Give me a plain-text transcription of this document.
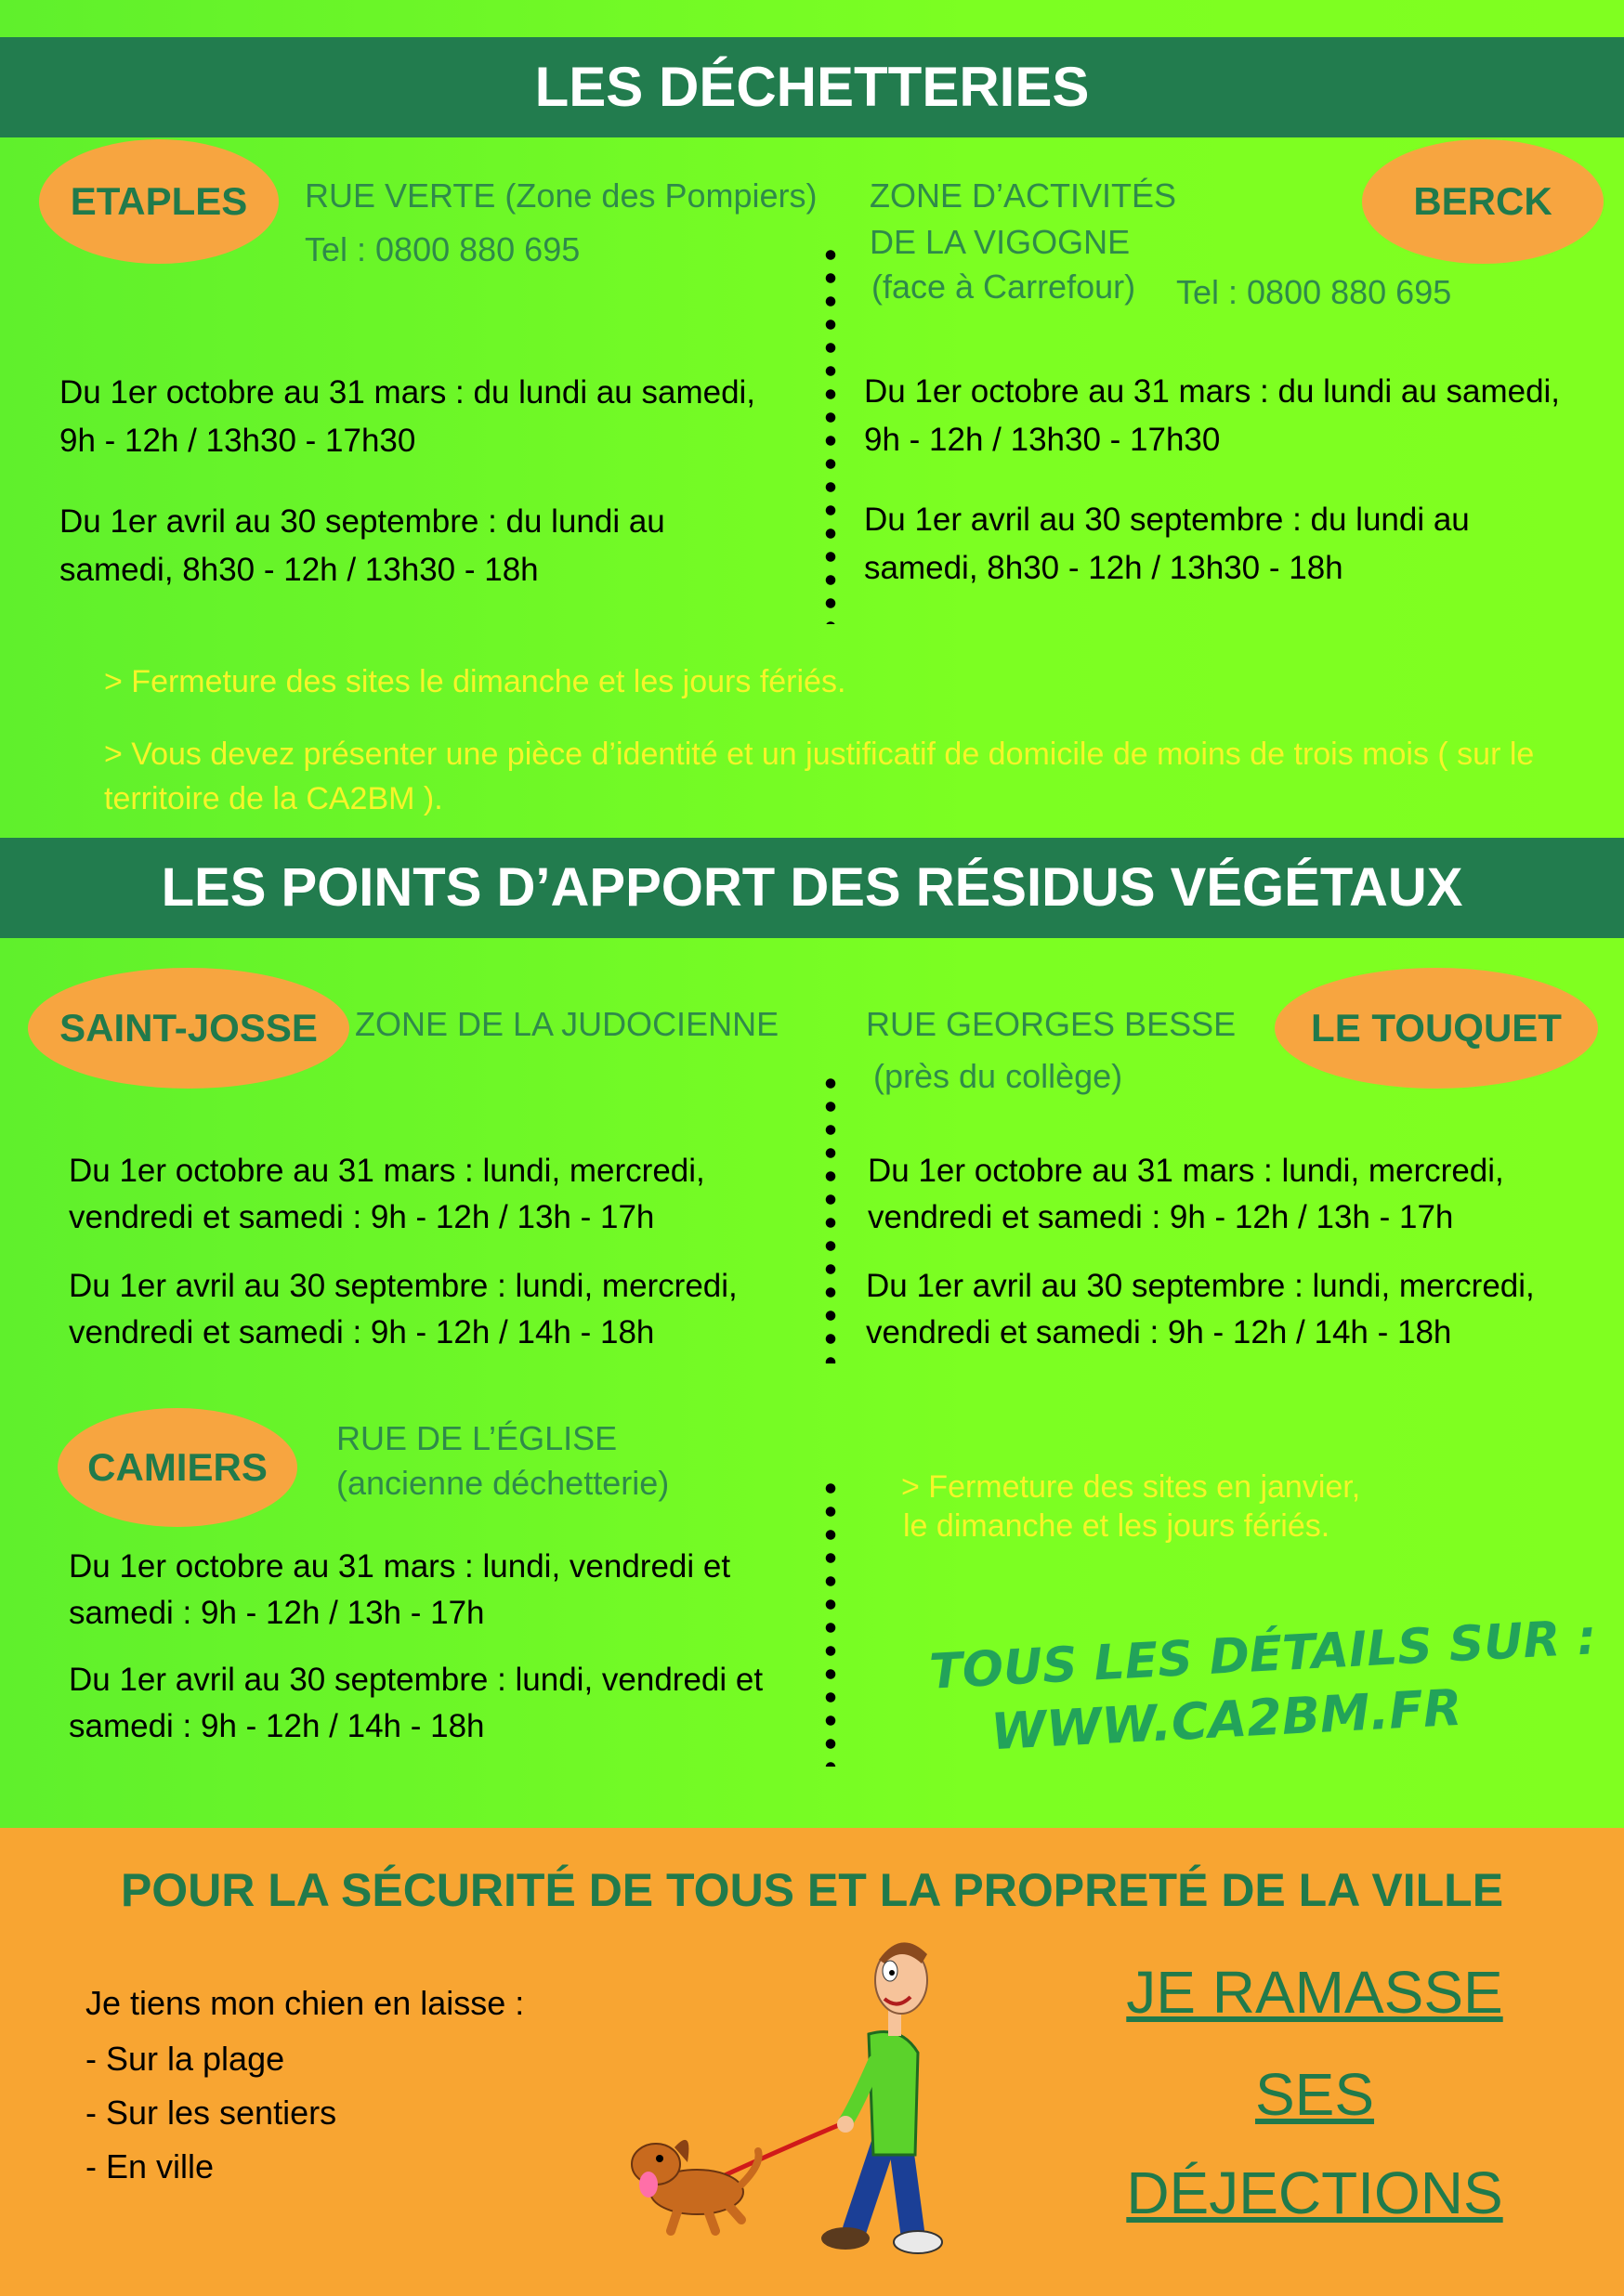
LES DÉCHETTERIES
ETAPLES	RUE VERTE (Zone des Pompiers)
Tel : 0800 880 695
Du 1er octobre au 31 mars : du lundi au samedi, 9h - 12h / 13h30 - 17h30
Du 1er avril au 30 septembre : du lundi au samedi, 8h30 - 12h / 13h30 - 18h
BERCK
ZONE D’ACTIVITÉS
DE LA VIGOGNE
(face à Carrefour) Tel : 0800 880 695
Du 1er octobre au 31 mars : du lundi au samedi, 9h - 12h / 13h30 - 17h30
Du 1er avril au 30 septembre : du lundi au samedi, 8h30 - 12h / 13h30 - 18h
> Fermeture des sites le dimanche et les jours fériés.
> Vous devez présenter une pièce d’identité et un justificatif de domicile de moins de trois mois ( sur le territoire de la CA2BM ).
LES POINTS D’APPORT DES RÉSIDUS VÉGÉTAUX
SAINT-JOSSE	ZONE DE LA JUDOCIENNE
Du 1er octobre au 31 mars : lundi, mercredi, vendredi et samedi : 9h - 12h / 13h - 17h
Du 1er avril au 30 septembre : lundi, mercredi, vendredi et samedi : 9h - 12h / 14h - 18h
LE TOUQUET
RUE GEORGES BESSE
(près du collège)
Du 1er octobre au 31 mars : lundi, mercredi, vendredi et samedi : 9h - 12h / 13h - 17h
Du 1er avril au 30 septembre : lundi, mercredi, vendredi et samedi : 9h - 12h / 14h - 18h
CAMIERS
RUE DE L’ÉGLISE
(ancienne déchetterie)
Du 1er octobre au 31 mars : lundi, vendredi et samedi : 9h - 12h / 13h - 17h
Du 1er avril au 30 septembre : lundi, vendredi et samedi : 9h - 12h / 14h - 18h
> Fermeture des sites en janvier,
le dimanche et les jours fériés.
TOUS LES DÉTAILS SUR :
WWW.CA2BM.FR
POUR LA SÉCURITÉ DE TOUS ET LA PROPRETÉ DE LA VILLE
Je tiens mon chien en laisse :
- Sur la plage
- Sur les sentiers
- En ville
JE RAMASSE
SES
DÉJECTIONS
